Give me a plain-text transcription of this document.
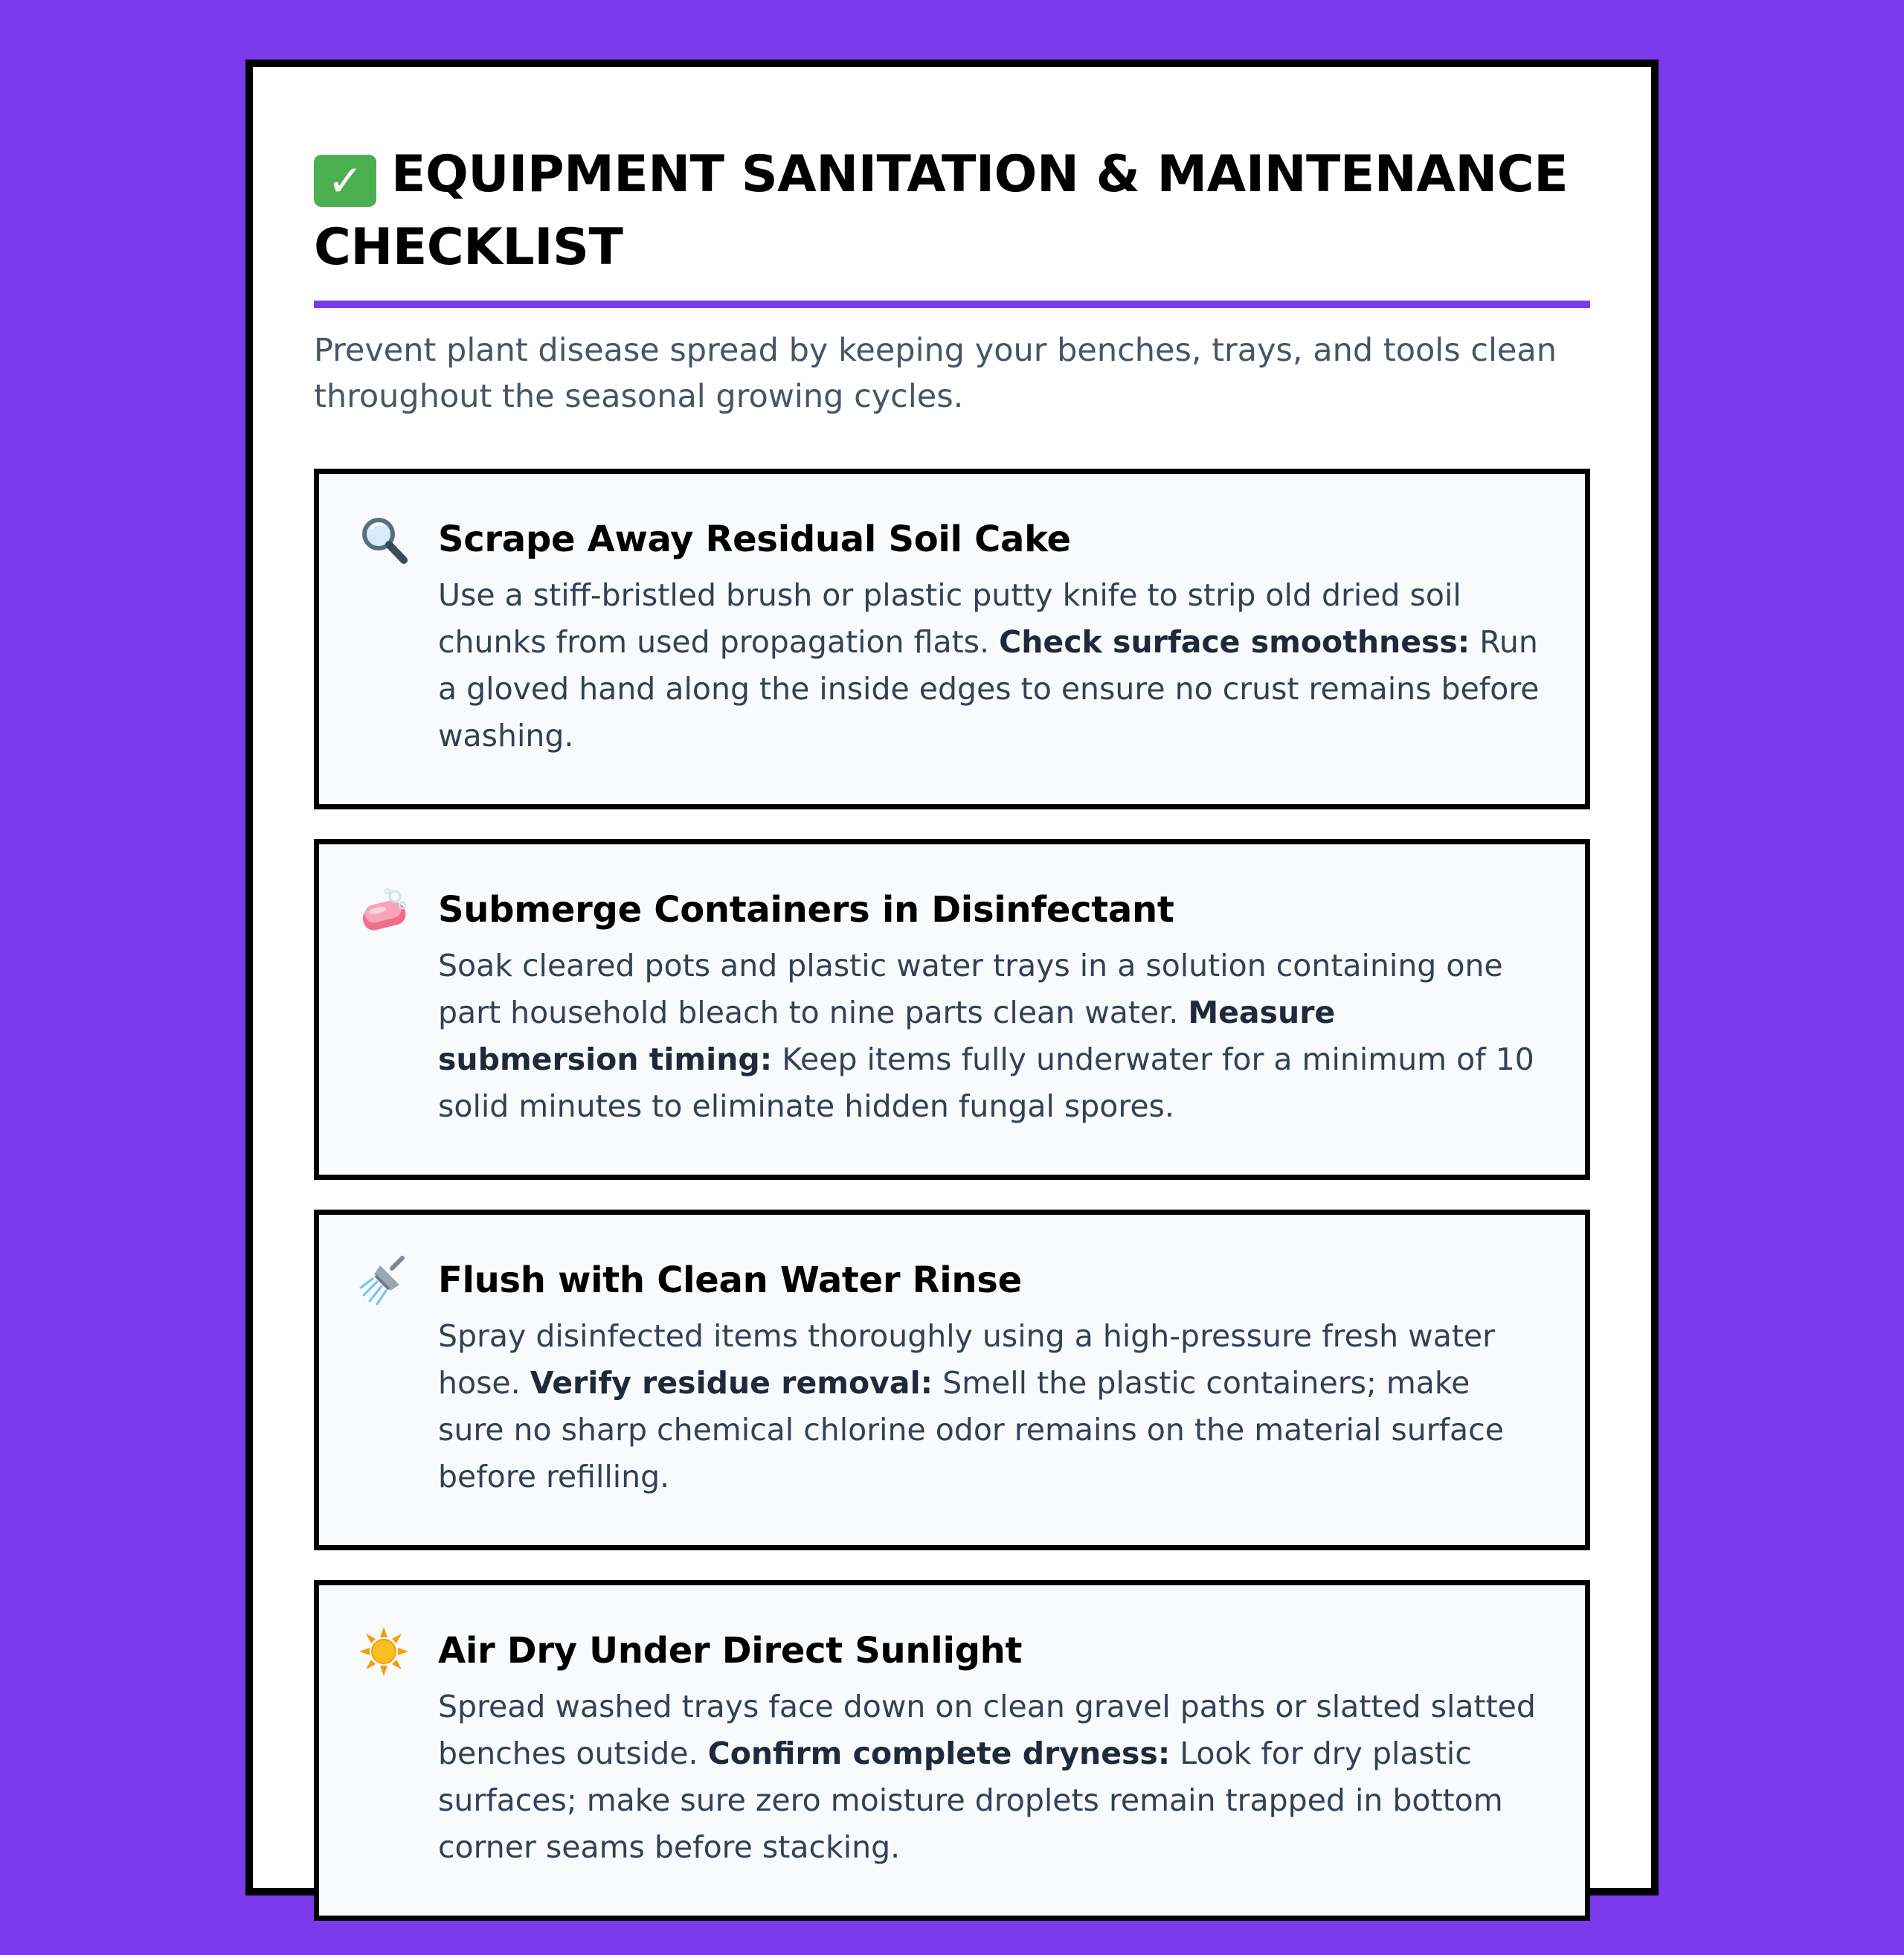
✓ EQUIPMENT SANITATION & MAINTENANCE CHECKLIST

Prevent plant disease spread by keeping your benches, trays, and tools clean throughout the seasonal growing cycles.

Scrape Away Residual Soil Cake

Use a stiff-bristled brush or plastic putty knife to strip old dried soil chunks from used propagation flats. Check surface smoothness: Run a gloved hand along the inside edges to ensure no crust remains before washing.

Submerge Containers in Disinfectant

Soak cleared pots and plastic water trays in a solution containing one part household bleach to nine parts clean water. Measure submersion timing: Keep items fully underwater for a minimum of 10 solid minutes to eliminate hidden fungal spores.

Flush with Clean Water Rinse

Spray disinfected items thoroughly using a high-pressure fresh water hose. Verify residue removal: Smell the plastic containers; make sure no sharp chemical chlorine odor remains on the material surface before refilling.

Air Dry Under Direct Sunlight

Spread washed trays face down on clean gravel paths or slatted slatted benches outside. Confirm complete dryness: Look for dry plastic surfaces; make sure zero moisture droplets remain trapped in bottom corner seams before stacking.
